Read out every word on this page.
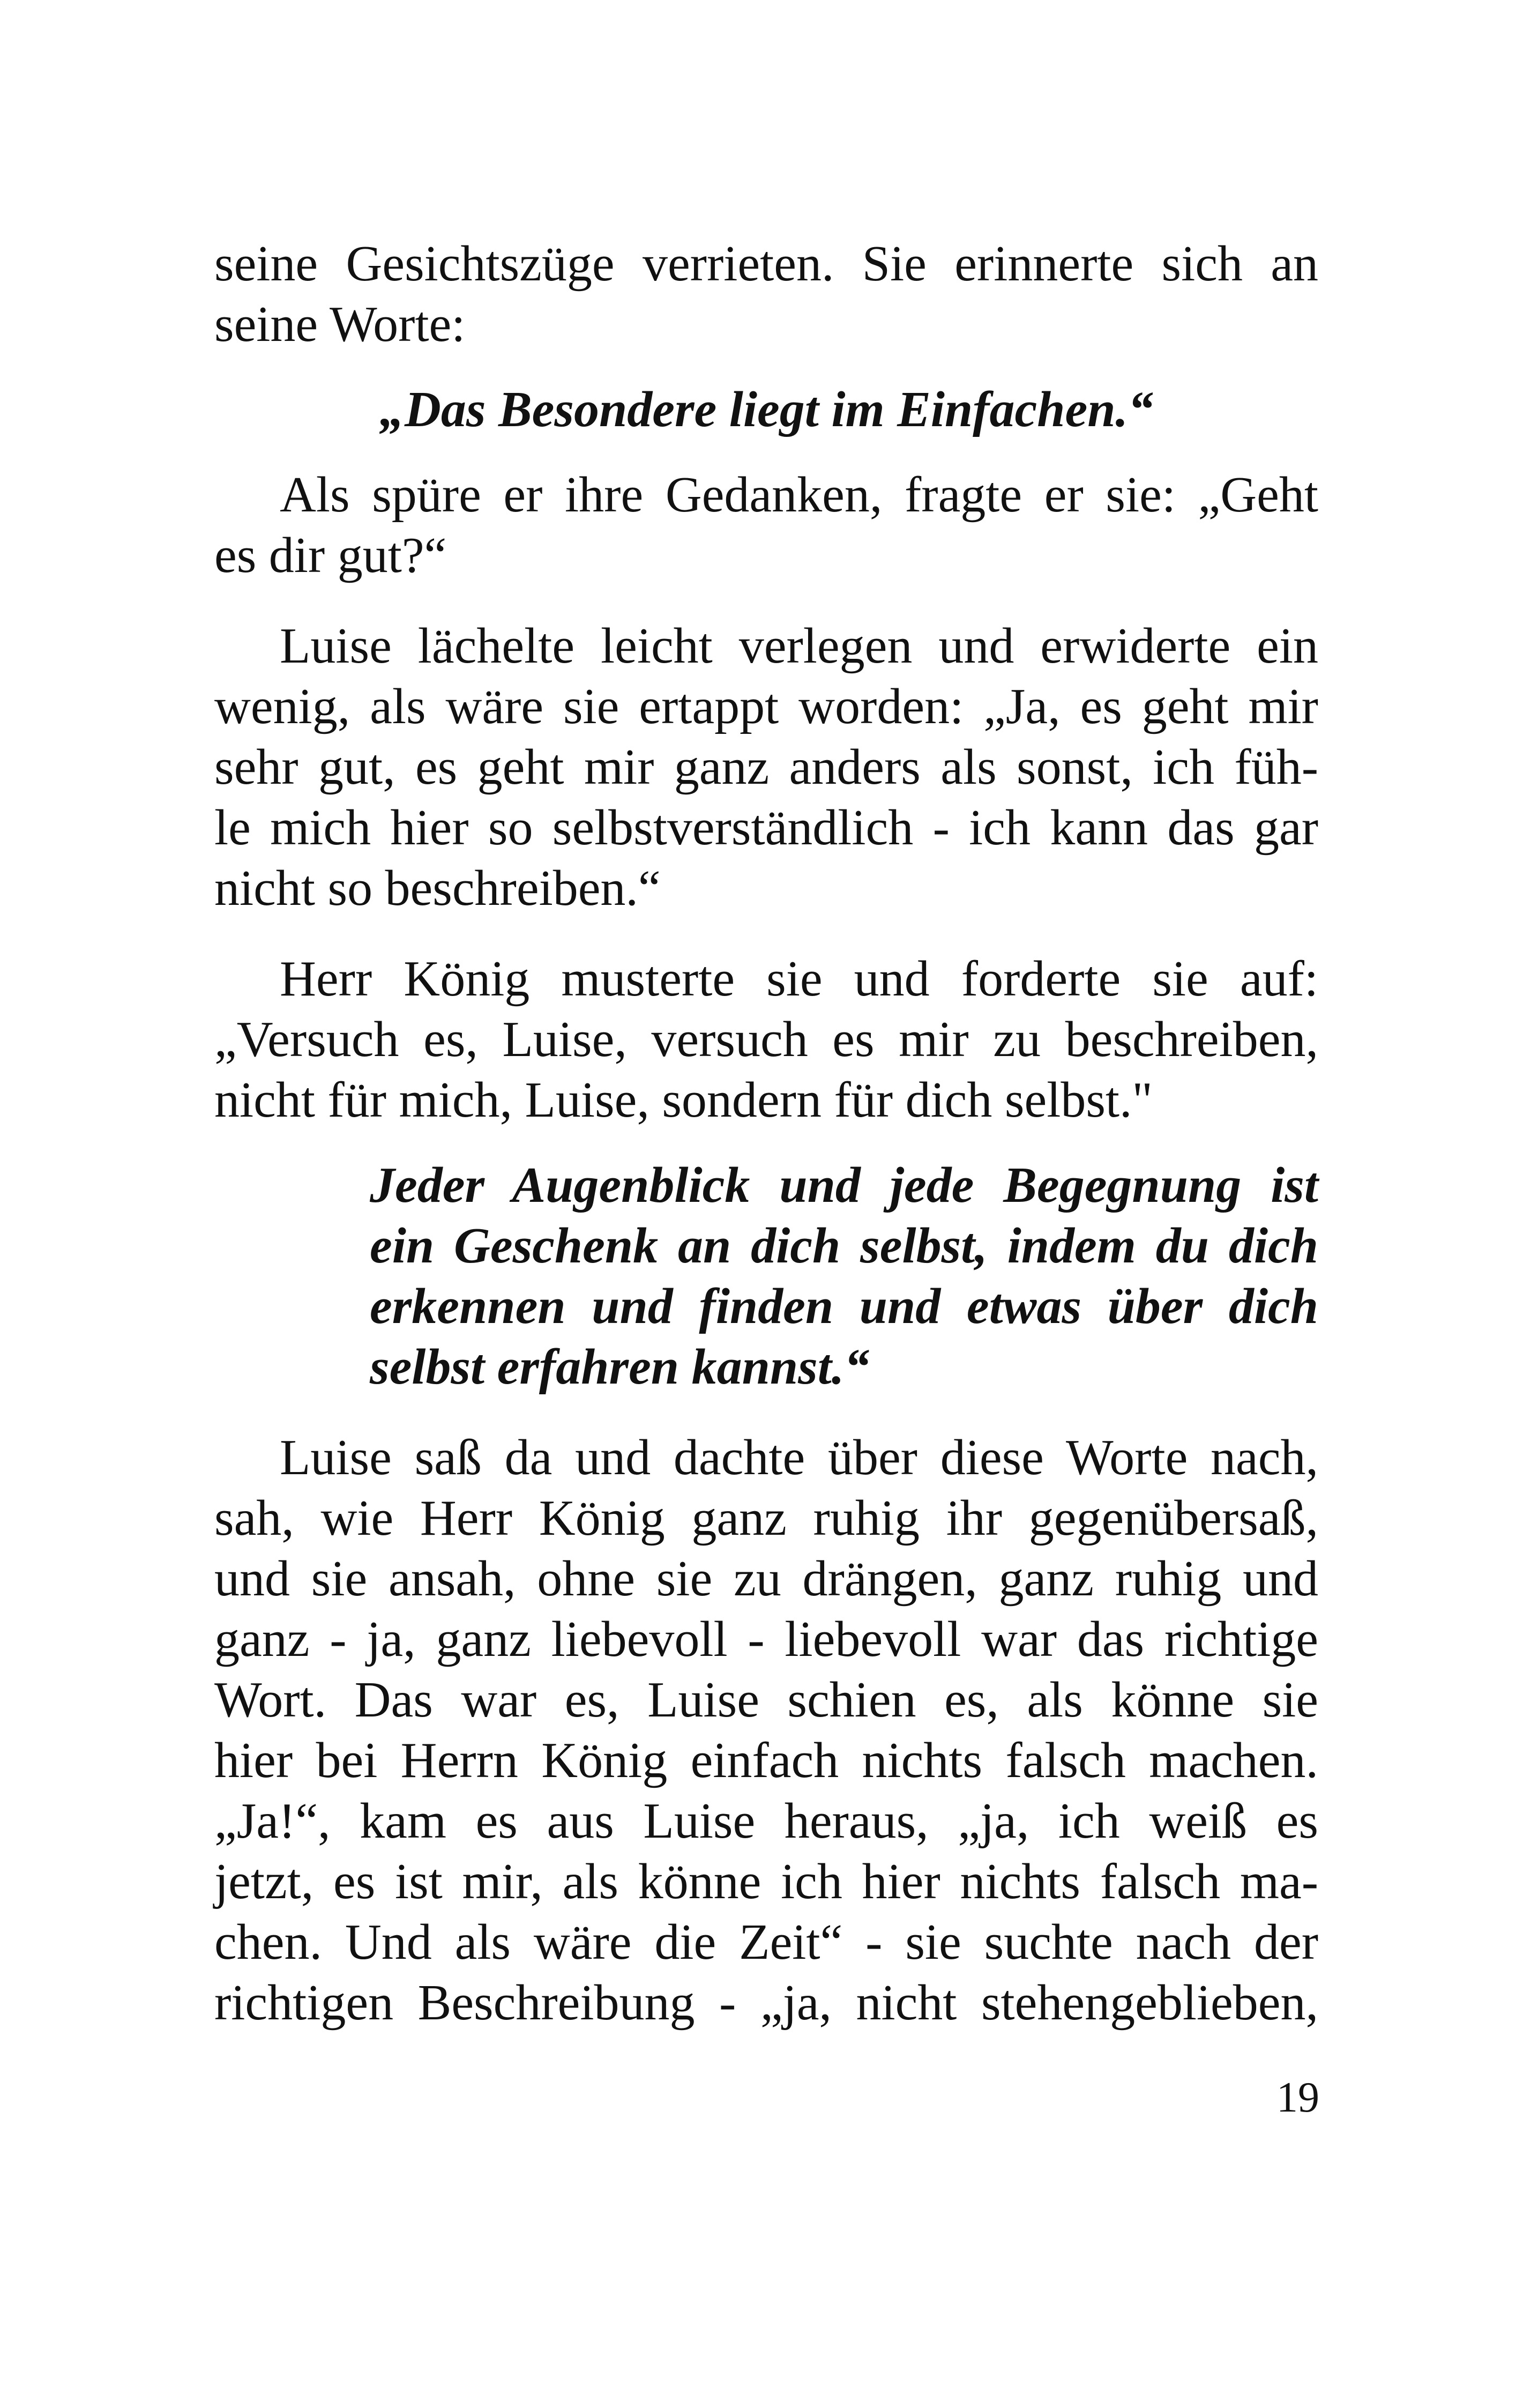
seine Gesichtszüge verrieten. Sie erinnerte sich an
seine Worte:

„Das Besondere liegt im Einfachen.“

Als spüre er ihre Gedanken, fragte er sie: „Geht
es dir gut?“

Luise lächelte leicht verlegen und erwiderte ein
wenig, als wäre sie ertappt worden: „Ja, es geht mir
sehr gut, es geht mir ganz anders als sonst, ich füh-
le mich hier so selbstverständlich - ich kann das gar
nicht so beschreiben.“

Herr König musterte sie und forderte sie auf:
„Versuch es, Luise, versuch es mir zu beschreiben,
nicht für mich, Luise, sondern für dich selbst."

Jeder Augenblick und jede Begegnung ist
ein Geschenk an dich selbst, indem du dich
erkennen und finden und etwas über dich
selbst erfahren kannst.“

Luise saß da und dachte über diese Worte nach,
sah, wie Herr König ganz ruhig ihr gegenübersaß,
und sie ansah, ohne sie zu drängen, ganz ruhig und
ganz - ja, ganz liebevoll - liebevoll war das richtige
Wort. Das war es, Luise schien es, als könne sie
hier bei Herrn König einfach nichts falsch machen.
„Ja!“, kam es aus Luise heraus, „ja, ich weiß es
jetzt, es ist mir, als könne ich hier nichts falsch ma-
chen. Und als wäre die Zeit“ - sie suchte nach der
richtigen Beschreibung - „ja, nicht stehengeblieben,

19
